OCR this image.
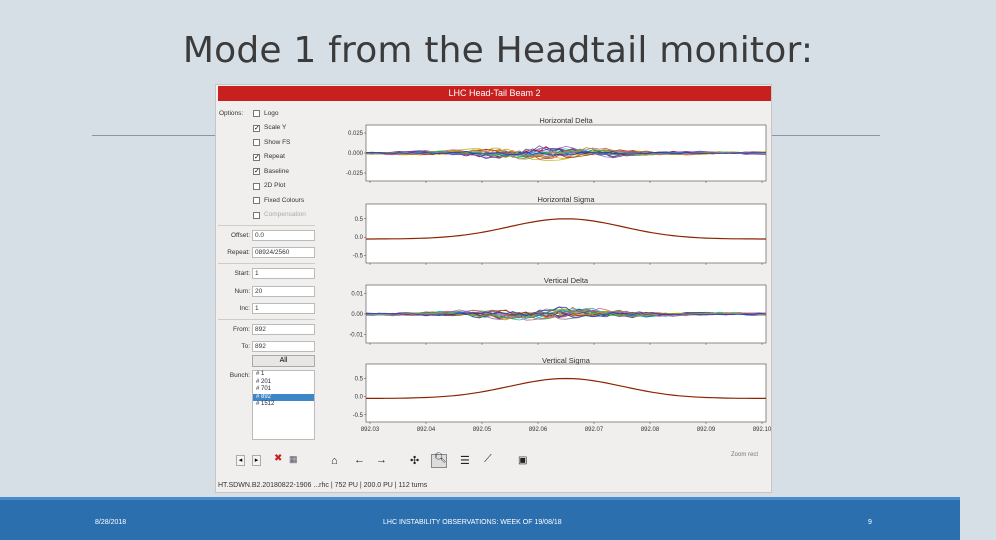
Mode 1 from the Headtail monitor:
LHC Head-Tail Beam 2
Options:
Offset: 0.0
Repeat: 08924/2560
Start: 1
Num: 20
Inc: 1
From: 892
To: 892
All
Bunch:	# 1
# 201
# 701
# 892
# 1512
◂	▸ ✖ ▦
Horizontal Delta
0.025
0.000
-0.025
Horizontal Sigma
0.5
0.0
-0.5
Vertical Delta
0.01
0.00
-0.01
Vertical Sigma
0.5
0.0
-0.5
892.03	892.04	892.05	892.06	892.07	892.08	892.09	892.10
⌂ ← → ✣ 🔍︎ ☰ ⟋	▣	Zoom rect
HT.SDWN.B2.20180822-1906 ...rhc | 752 PU | 200.0 PU | 112 turns
Logo
✓ Scale Y
Show FS
✓ Repeat
✓ Baseline
2D Plot
Fixed Colours
Compensation
8/28/2018	LHC INSTABILITY OBSERVATIONS: WEEK OF 19/08/18	9
